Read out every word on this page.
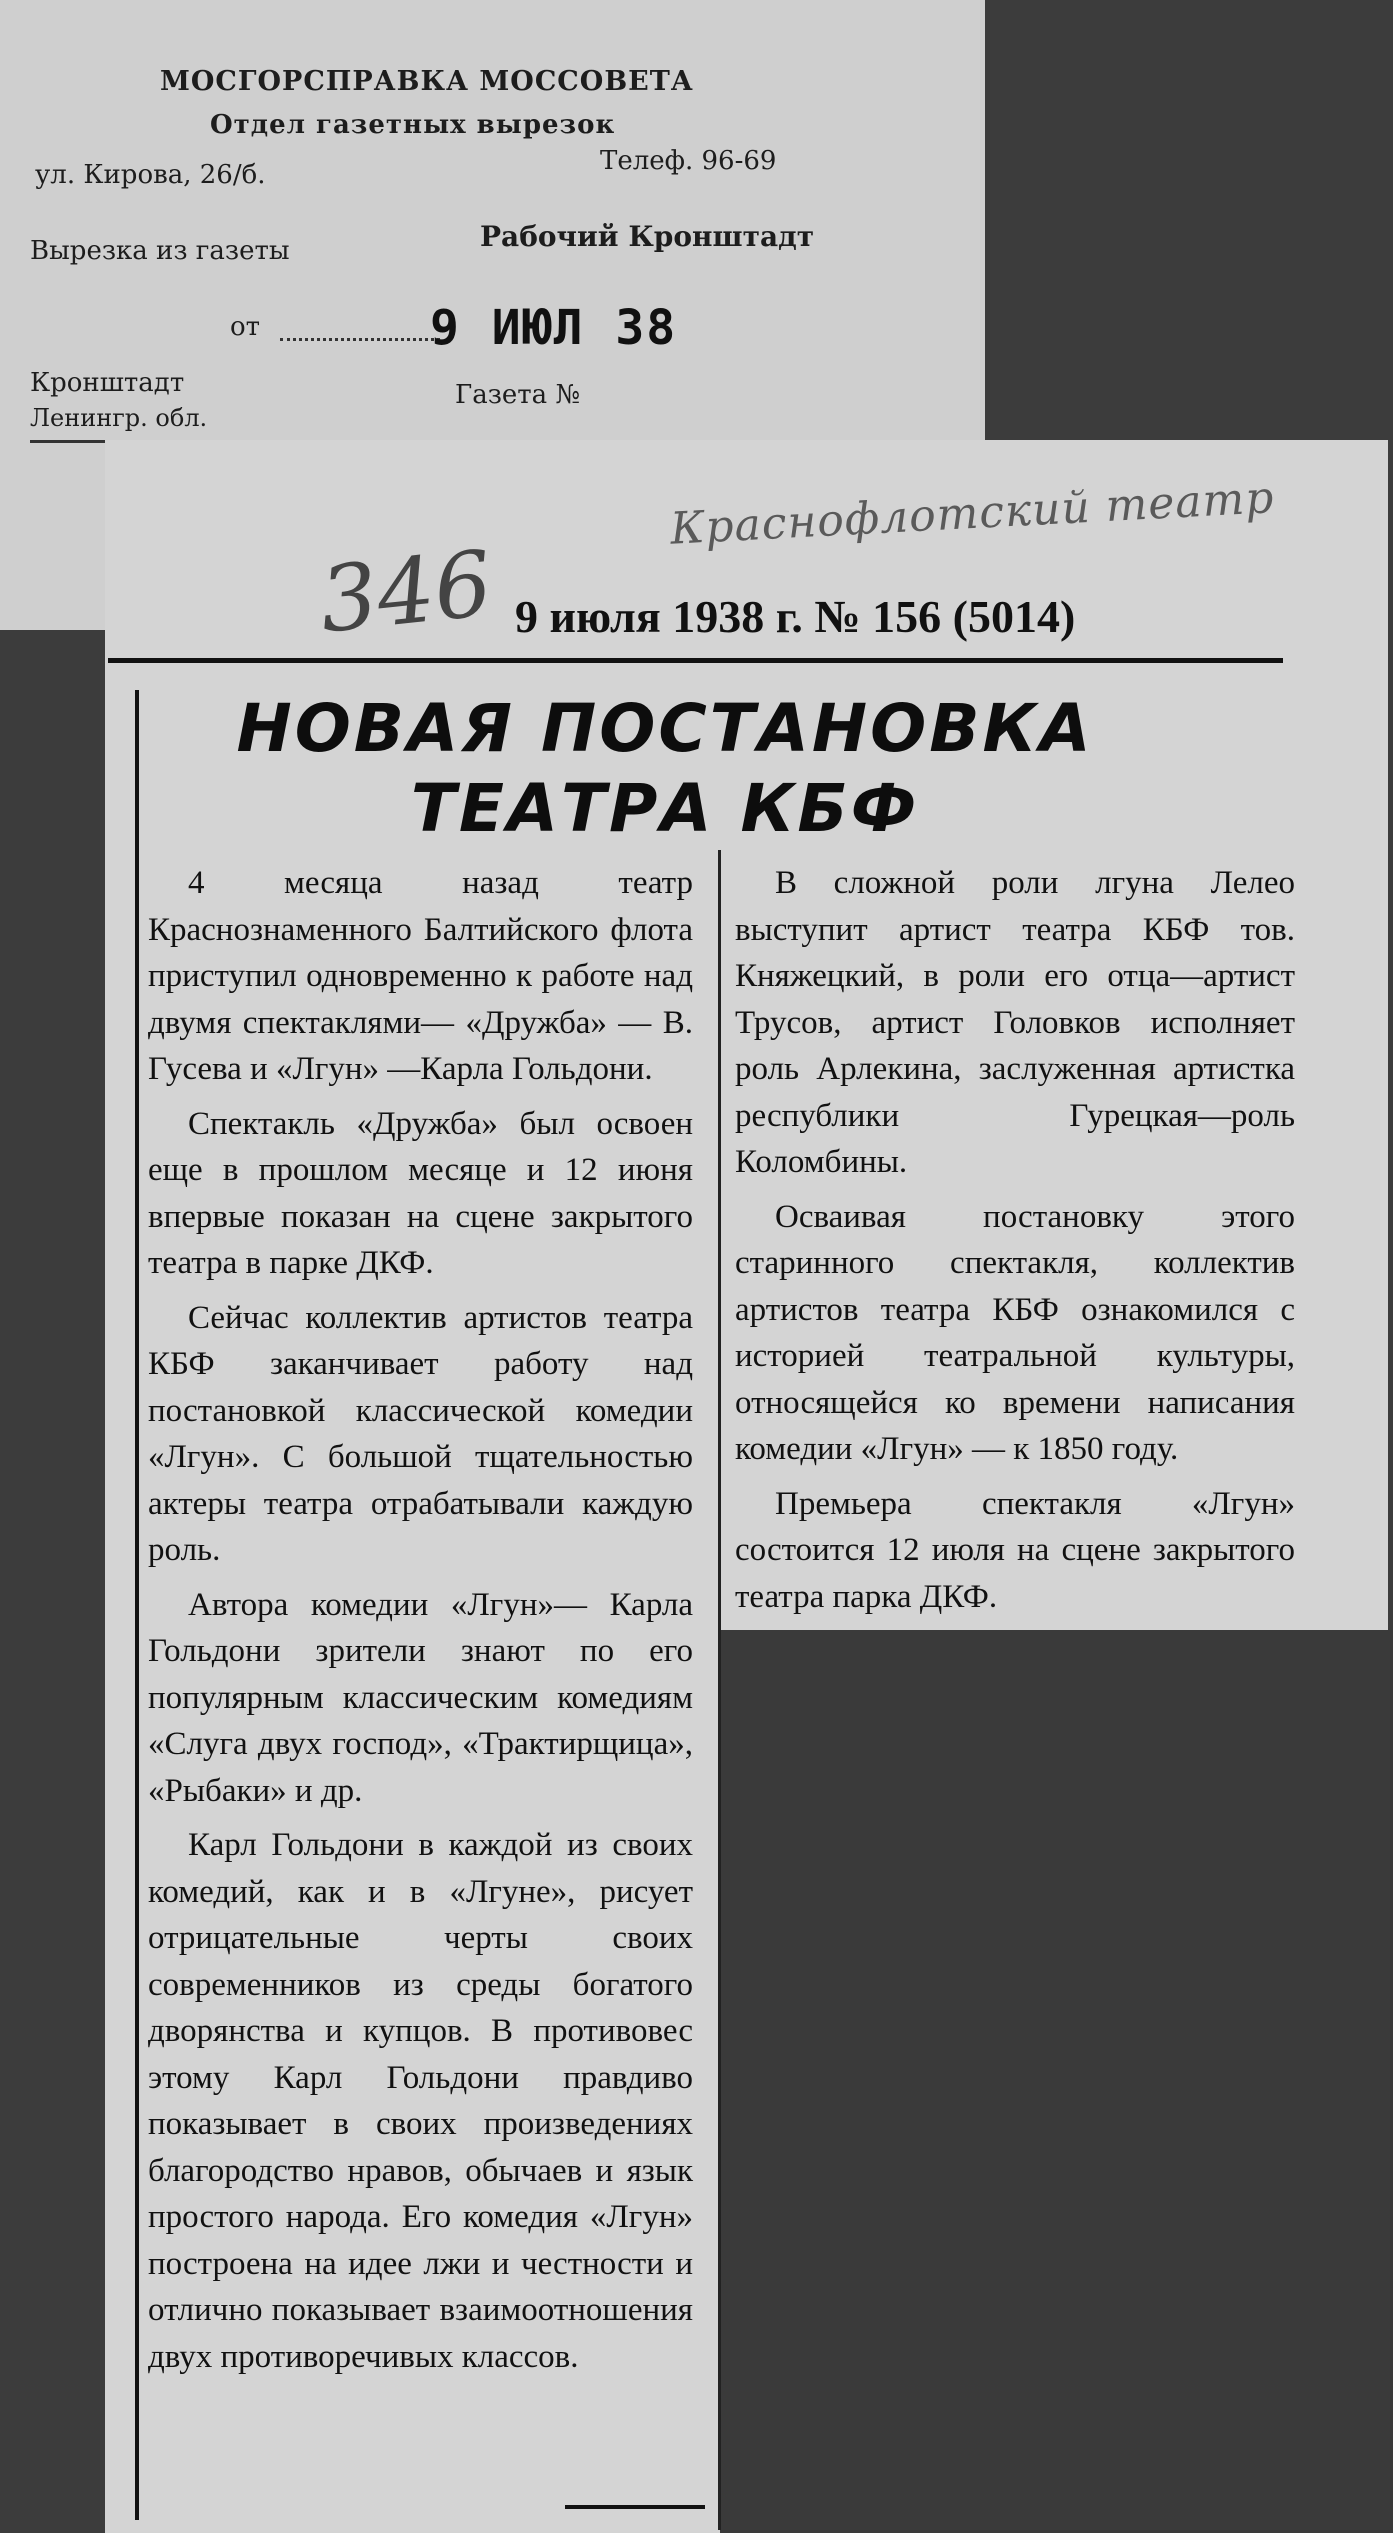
МОСГОРСПРАВКА МОССОВЕТА
Отдел газетных вырезок
ул. Кирова, 26/б.	Телеф. 96-69
Вырезка из газеты	Рабочий Кронштадт
от	9 ИЮЛ 38
Кронштадт
Ленингр. обл.
Газета №
Краснофлотский театр
346 9 июля 1938 г. № 156 (5014)
НОВАЯ ПОСТАНОВКА
ТЕАТРА КБФ

4 месяца назад театр Краснознаменного Балтийского флота приступил одновременно к работе над двумя спектаклями— «Дружба» — В. Гусева и «Лгун» —Карла Гольдони.

Спектакль «Дружба» был освоен еще в прошлом месяце и 12 июня впервые показан на сцене закрытого театра в парке ДКФ.

Сейчас коллектив артистов театра КБФ заканчивает работу над постановкой классической комедии «Лгун». С большой тщательностью актеры театра отрабатывали каждую роль.

Автора комедии «Лгун»— Карла Гольдони зрители знают по его популярным классическим комедиям «Слуга двух господ», «Трактирщица», «Рыбаки» и др.

Карл Гольдони в каждой из своих комедий, как и в «Лгуне», рисует отрицательные черты своих современников из среды богатого дворянства и купцов. В противовес этому Карл Гольдони правдиво показывает в своих произведениях благородство нравов, обычаев и язык простого народа. Его комедия «Лгун» построена на идее лжи и честности и отлично показывает взаимоотношения двух противоречивых классов.

В сложной роли лгуна Лелео выступит артист театра КБФ тов. Княжецкий, в роли его отца—артист Трусов, артист Головков исполняет роль Арлекина, заслуженная артистка республики Гурецкая—роль Коломбины.

Осваивая постановку этого старинного спектакля, коллектив артистов театра КБФ ознакомился с историей театральной культуры, относящейся ко времени написания комедии «Лгун» — к 1850 году.

Премьера спектакля «Лгун» состоится 12 июля на сцене закрытого театра парка ДКФ.
